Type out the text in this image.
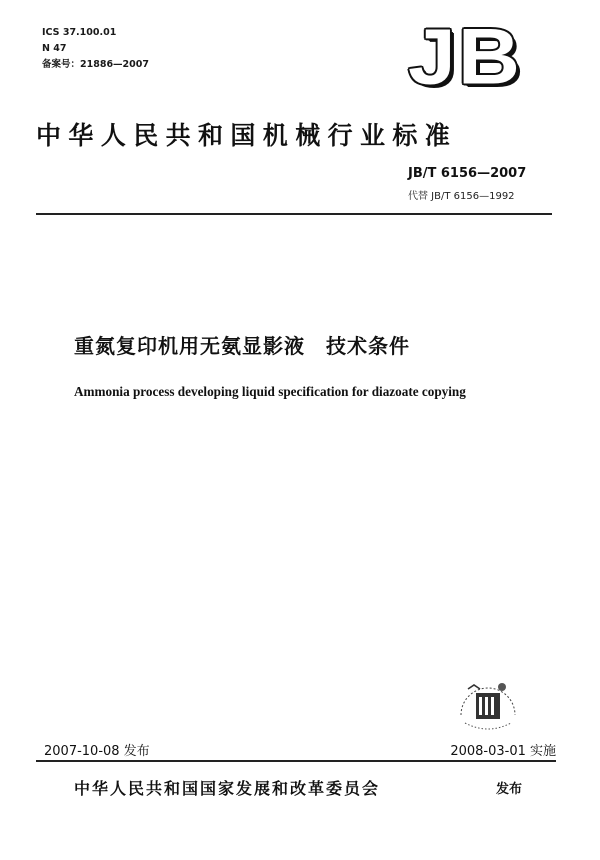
ICS 37.100.01
N 47
备案号：21886—2007	JB
中华人民共和国机械行业标准
JB/T 6156—2007
代替 JB/T 6156—1992
重氮复印机用无氨显影液　技术条件
Ammonia process developing liquid specification for diazoate copying
2007-10-08 发布	2008-03-01 实施
中华人民共和国国家发展和改革委员会	发布
